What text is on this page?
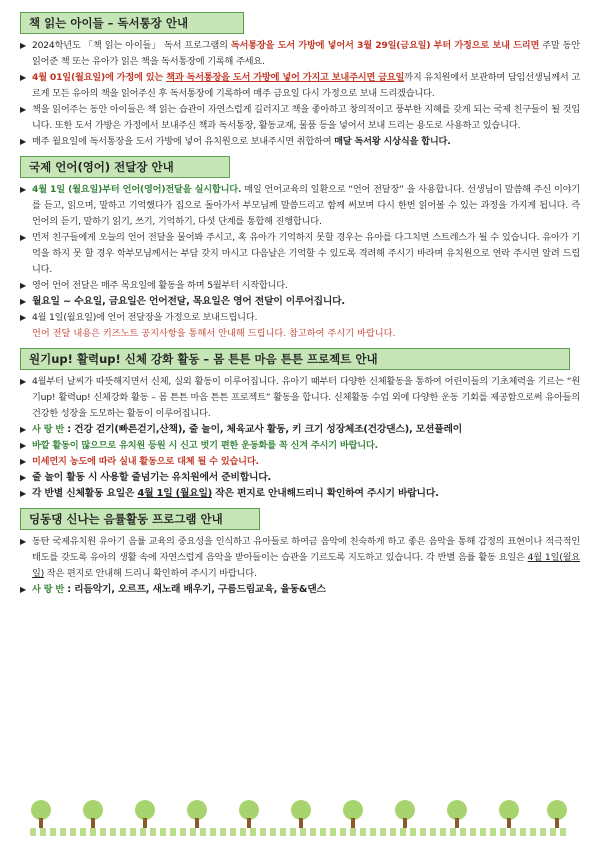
책 읽는 아이들 – 독서통장 안내
▶ 2024학년도 「책 읽는 아이들」 독서 프로그램의 독서통장을 도서 가방에 넣어서 3월 29일(금요일) 부터 가정으로 보내 드리면 주말 동안 읽어준 책 또는 유아가 읽은 책을 독서통장에 기록해 주세요.
▶ 4월 01일(월요일)에 가정에 있는 책과 독서통장을 도서 가방에 넣어 가지고 보내주시면 금요일까지 유치원에서 보관하며 담임선생님께서 고르게 모든 유아의 책을 읽어주신 후 독서통장에 기록하여 매주 금요일 다시 가정으로 보내 드리겠습니다.
▶ 책을 읽어주는 동안 아이들은 책 읽는 습관이 자연스럽게 길러지고 책을 좋아하고 창의적이고 풍부한 지혜를 갖게 되는 국제 친구들이 될 것입니다. 또한 도서 가방은 가정에서 보내주신 책과 독서통장, 활동교재, 물품 등을 넣어서 보내 드리는 용도로 사용하고 있습니다.
▶ 매주 월요일에 독서통장을 도서 가방에 넣어 유치원으로 보내주시면 취합하여 매달 독서왕 시상식을 합니다.
국제 언어(영어) 전달장 안내
▶ 4월 1일 (월요일)부터 언어(영어)전달을 실시합니다. 매일 언어교육의 일환으로 “언어 전달장” 을 사용합니다. 선생님이 말씀해 주신 이야기를 듣고, 읽으며, 말하고 기억했다가 집으로 돌아가서 부모님께 말씀드리고 함께 써보며 다시 한번 읽어볼 수 있는 과정을 가지게 됩니다. 즉 언어의 듣기, 말하기 읽기, 쓰기, 기억하기, 다섯 단계를 통합해 진행합니다.
▶ 먼저 친구들에게 오늘의 언어 전달을 물어봐 주시고, 혹 유아가 기억하지 못할 경우는 유아를 다그치면 스트레스가 될 수 있습니다. 유아가 기억을 하지 못 할 경우 학부모님께서는 부담 갖지 마시고 다음날은 기억할 수 있도록 격려해 주시기 바라며 유치원으로 연락 주시면 알려 드립니다.
▶ 영어 언어 전달은 매주 목요일에 활동을 하며 5월부터 시작합니다.
▶ 월요일 ~ 수요일, 금요일은 언어전달, 목요일은 영어 전달이 이루어집니다.
▶ 4월 1일(월요일)에 언어 전달장을 가정으로 보내드립니다.
언어 전달 내용은 키즈노트 공지사항을 통해서 안내해 드립니다. 참고하여 주시기 바랍니다.
원기up! 활력up! 신체 강화 활동 – 몸 튼튼 마음 튼튼 프로젝트 안내
▶ 4월부터 날씨가 따뜻해지면서 신체, 실외 활동이 이루어집니다. 유아기 때부터 다양한 신체활동을 통하여 어린이들의 기초체력을 기르는 “원기up! 활력up! 신체강화 활동 – 몸 튼튼 마음 튼튼 프로젝트” 활동을 합니다. 신체활동 수업 외에 다양한 운동 기회를 제공함으로써 유아들의 건강한 성장을 도모하는 활동이 이루어집니다.
▶ 사 랑 반 : 건강 걷기(빠른걷기,산책), 줄 놀이, 체육교사 활동, 키 크기 성장체조(건강댄스), 모션플레이
▶ 바깥 활동이 많으므로 유치원 등원 시 신고 벗기 편한 운동화를 꼭 신겨 주시기 바랍니다.
▶ 미세먼지 농도에 따라 실내 활동으로 대체 될 수 있습니다.
▶ 줄 놀이 활동 시 사용할 줄넘기는 유치원에서 준비합니다.
▶ 각 반별 신체활동 요일은 4월 1일 (월요일) 작은 편지로 안내해드리니 확인하여 주시기 바랍니다.
딩동댕 신나는 음률활동 프로그램 안내
▶ 동탄 국제유치원 유아기 음률 교육의 중요성을 인식하고 유아들로 하여금 음악에 친숙하게 하고 좋은 음악을 통해 감정의 표현이나 적극적인 태도를 갖도록 유아의 생활 속에 자연스럽게 음악을 받아들이는 습관을 기르도록 지도하고 있습니다. 각 반별 음률 활동 요일은 4월 1일(월요일) 작은 편지로 안내해 드리니 확인하여 주시기 바랍니다.
▶ 사 랑 반 : 리듬악기, 오르프, 새노래 배우기, 구름드림교육, 율동&댄스
